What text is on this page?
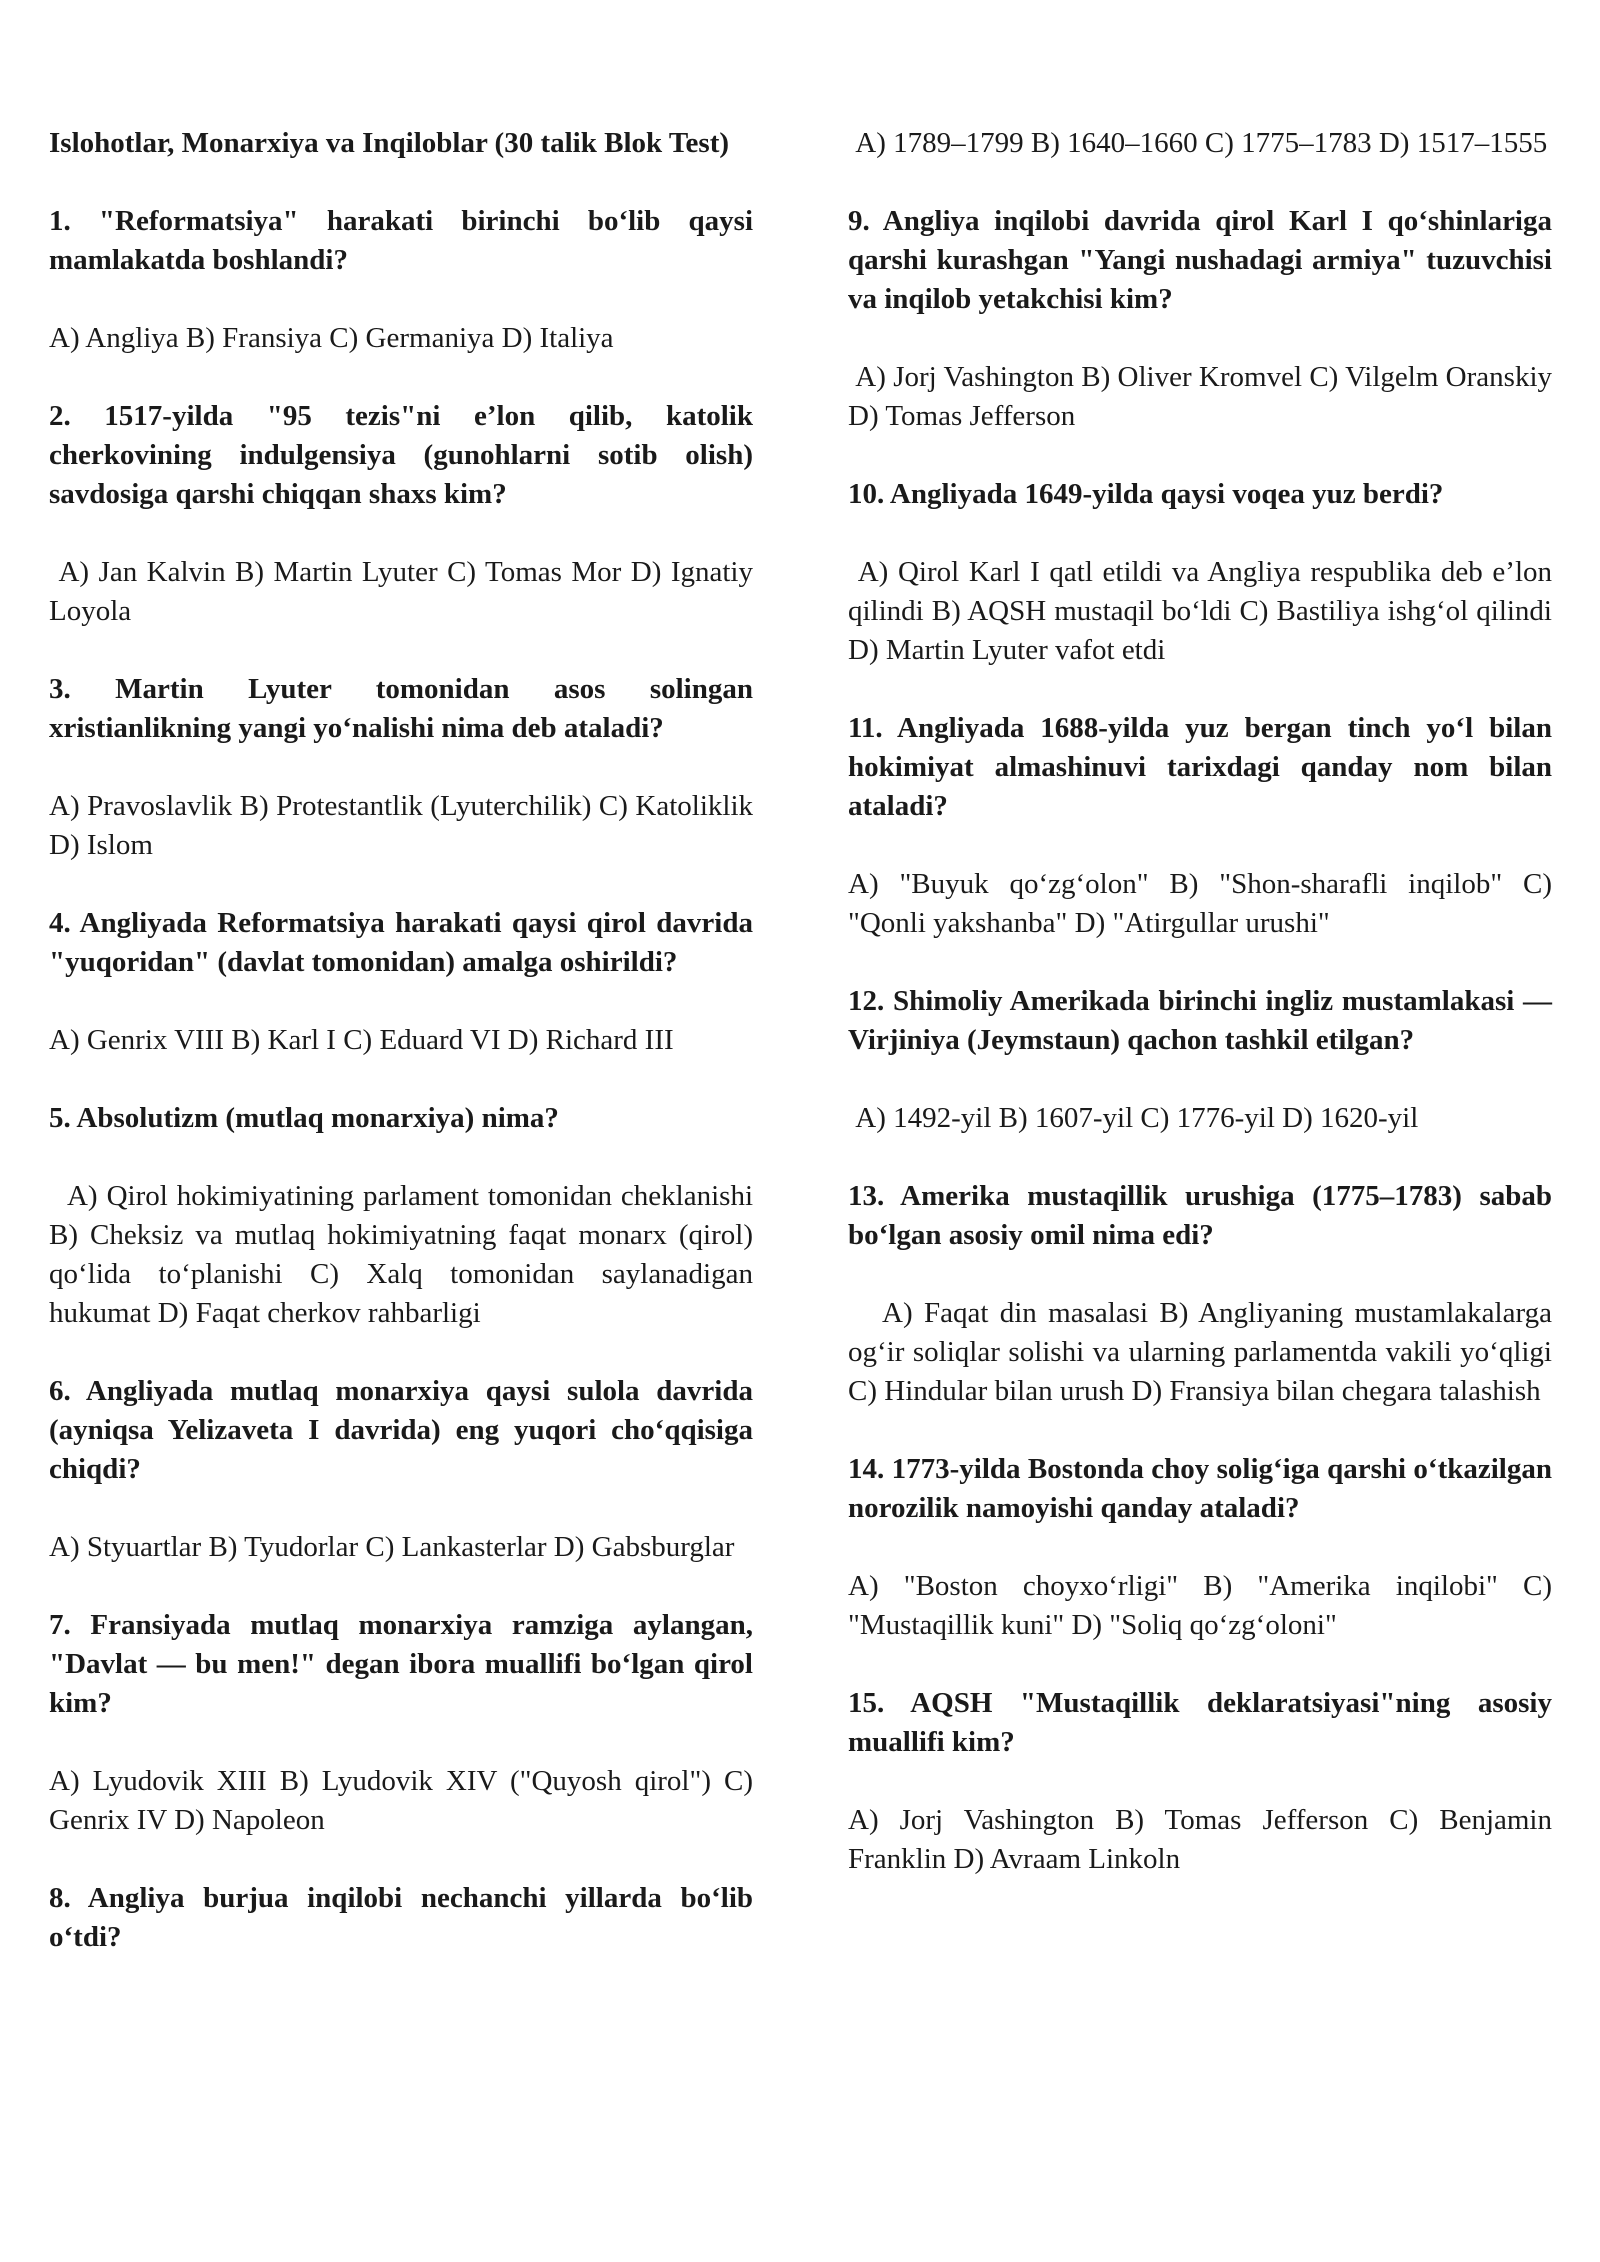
Islohotlar, Monarxiya va Inqiloblar (30 talik Blok Test)

1. "Reformatsiya" harakati birinchi bo‘lib qaysi mamlakatda boshlandi?

A) Angliya B) Fransiya C) Germaniya D) Italiya

2. 1517-yilda "95 tezis"ni e’lon qilib, katolik cherkovining indulgensiya (gunohlarni sotib olish) savdosiga qarshi chiqqan shaxs kim?

A) Jan Kalvin B) Martin Lyuter C) Tomas Mor D) Ignatiy Loyola

3. Martin Lyuter tomonidan asos solingan xristianlikning yangi yo‘nalishi nima deb ataladi?

A) Pravoslavlik B) Protestantlik (Lyuterchilik) C) Katoliklik D) Islom

4. Angliyada Reformatsiya harakati qaysi qirol davrida "yuqoridan" (davlat tomonidan) amalga oshirildi?

A) Genrix VIII B) Karl I C) Eduard VI D) Richard III

5. Absolutizm (mutlaq monarxiya) nima?

A) Qirol hokimiyatining parlament tomonidan cheklanishi B) Cheksiz va mutlaq hokimiyatning faqat monarx (qirol) qo‘lida to‘planishi C) Xalq tomonidan saylanadigan hukumat D) Faqat cherkov rahbarligi

6. Angliyada mutlaq monarxiya qaysi sulola davrida (ayniqsa Yelizaveta I davrida) eng yuqori cho‘qqisiga chiqdi?

A) Styuartlar B) Tyudorlar C) Lankasterlar D) Gabsburglar

7. Fransiyada mutlaq monarxiya ramziga aylangan, "Davlat — bu men!" degan ibora muallifi bo‘lgan qirol kim?

A) Lyudovik XIII B) Lyudovik XIV ("Quyosh qirol") C) Genrix IV D) Napoleon

8. Angliya burjua inqilobi nechanchi yillarda bo‘lib o‘tdi?

A) 1789–1799 B) 1640–1660 C) 1775–1783 D) 1517–1555

9. Angliya inqilobi davrida qirol Karl I qo‘shinlariga qarshi kurashgan "Yangi nushadagi armiya" tuzuvchisi va inqilob yetakchisi kim?

A) Jorj Vashington B) Oliver Kromvel C) Vilgelm Oranskiy D) Tomas Jefferson

10. Angliyada 1649-yilda qaysi voqea yuz berdi?

A) Qirol Karl I qatl etildi va Angliya respublika deb e’lon qilindi B) AQSH mustaqil bo‘ldi C) Bastiliya ishg‘ol qilindi D) Martin Lyuter vafot etdi

11. Angliyada 1688-yilda yuz bergan tinch yo‘l bilan hokimiyat almashinuvi tarixdagi qanday nom bilan ataladi?

A) "Buyuk qo‘zg‘olon" B) "Shon-sharafli inqilob" C) "Qonli yakshanba" D) "Atirgullar urushi"

12. Shimoliy Amerikada birinchi ingliz mustamlakasi — Virjiniya (Jeymstaun) qachon tashkil etilgan?

A) 1492-yil B) 1607-yil C) 1776-yil D) 1620-yil

13. Amerika mustaqillik urushiga (1775–1783) sabab bo‘lgan asosiy omil nima edi?

A) Faqat din masalasi B) Angliyaning mustamlakalarga og‘ir soliqlar solishi va ularning parlamentda vakili yo‘qligi C) Hindular bilan urush D) Fransiya bilan chegara talashish

14. 1773-yilda Bostonda choy solig‘iga qarshi o‘tkazilgan norozilik namoyishi qanday ataladi?

A) "Boston choyxo‘rligi" B) "Amerika inqilobi" C) "Mustaqillik kuni" D) "Soliq qo‘zg‘oloni"

15. AQSH "Mustaqillik deklaratsiyasi"ning asosiy muallifi kim?

A) Jorj Vashington B) Tomas Jefferson C) Benjamin Franklin D) Avraam Linkoln
